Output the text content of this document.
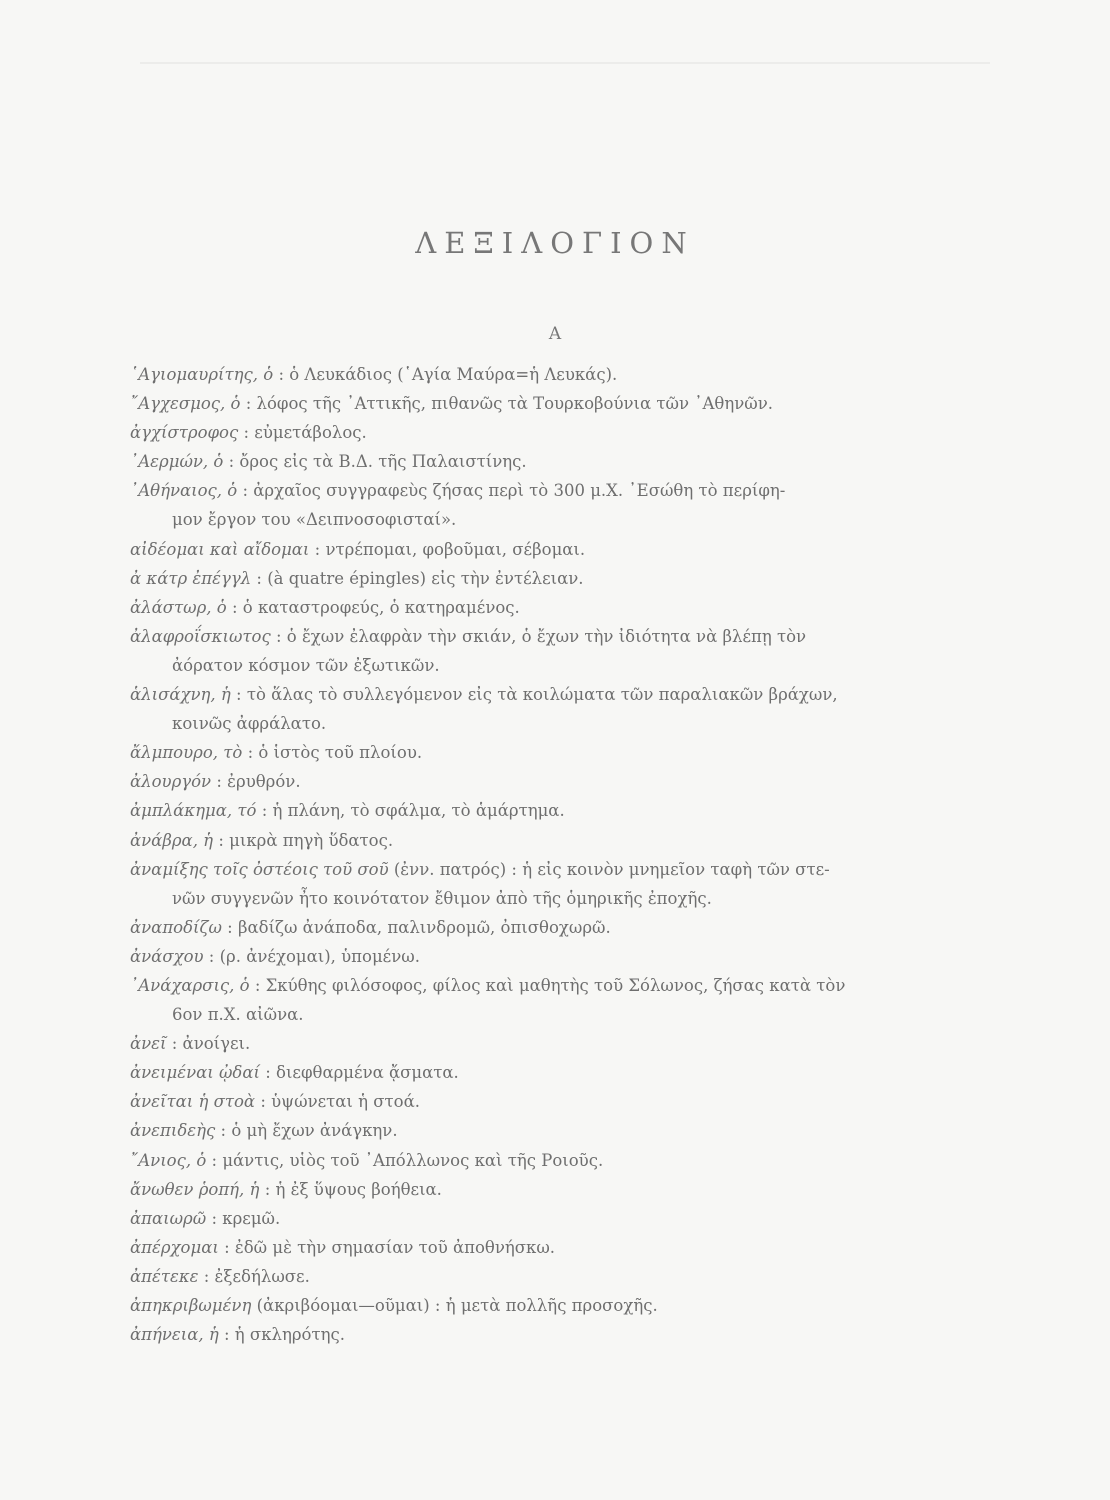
ΛΕΞΙΛΟΓΙΟΝ
Α
῾Αγιομαυρίτης, ὁ : ὁ Λευκάδιος (῾Αγία Μαύρα=ἡ Λευκάς).
῎Αγχεσμος, ὁ : λόφος τῆς ᾿Αττικῆς, πιθανῶς τὰ Τουρκοβούνια τῶν ᾿Αθηνῶν.
ἀγχίστροφος : εὐμετάβολος.
᾿Αερμών, ὁ : ὄρος εἰς τὰ Β.Δ. τῆς Παλαιστίνης.
᾿Αθήναιος, ὁ : ἀρχαῖος συγγραφεὺς ζήσας περὶ τὸ 300 μ.Χ. ᾿Εσώθη τὸ περίφη-
μον ἔργον του «Δειπνοσοφισταί».
αἰδέομαι καὶ αἴδομαι : ντρέπομαι, φοβοῦμαι, σέβομαι.
ἀ κάτρ ἐπέγγλ : (à quatre épingles) εἰς τὴν ἐντέλειαν.
ἀλάστωρ, ὁ : ὁ καταστροφεύς, ὁ κατηραμένος.
ἀλαφροΐσκιωτος : ὁ ἔχων ἐλαφρὰν τὴν σκιάν, ὁ ἔχων τὴν ἰδιότητα νὰ βλέπῃ τὸν
ἀόρατον κόσμον τῶν ἐξωτικῶν.
ἁλισάχνη, ἡ : τὸ ἅλας τὸ συλλεγόμενον εἰς τὰ κοιλώματα τῶν παραλιακῶν βράχων,
κοινῶς ἀφράλατο.
ἄλμπουρο, τὸ : ὁ ἱστὸς τοῦ πλοίου.
ἀλουργόν : ἐρυθρόν.
ἀμπλάκημα, τό : ἡ πλάνη, τὸ σφάλμα, τὸ ἁμάρτημα.
ἀνάβρα, ἡ : μικρὰ πηγὴ ὕδατος.
ἀναμίξης τοῖς ὀστέοις τοῦ σοῦ (ἐνν. πατρός) : ἡ εἰς κοινὸν μνημεῖον ταφὴ τῶν στε-
νῶν συγγενῶν ἦτο κοινότατον ἔθιμον ἀπὸ τῆς ὁμηρικῆς ἐποχῆς.
ἀναποδίζω : βαδίζω ἀνάποδα, παλινδρομῶ, ὀπισθοχωρῶ.
ἀνάσχου : (ρ. ἀνέχομαι), ὑπομένω.
᾿Ανάχαρσις, ὁ : Σκύθης φιλόσοφος, φίλος καὶ μαθητὴς τοῦ Σόλωνος, ζήσας κατὰ τὸν
6ον π.Χ. αἰῶνα.
ἀνεῖ : ἀνοίγει.
ἀνειμέναι ᾠδαί : διεφθαρμένα ᾄσματα.
ἀνεῖται ἡ στοὰ : ὑψώνεται ἡ στοά.
ἀνεπιδεὴς : ὁ μὴ ἔχων ἀνάγκην.
῎Ανιος, ὁ : μάντις, υἱὸς τοῦ ᾿Απόλλωνος καὶ τῆς Ροιοῦς.
ἄνωθεν ῥοπή, ἡ : ἡ ἐξ ὕψους βοήθεια.
ἀπαιωρῶ : κρεμῶ.
ἀπέρχομαι : ἐδῶ μὲ τὴν σημασίαν τοῦ ἀποθνήσκω.
ἀπέτεκε : ἐξεδήλωσε.
ἀπηκριβωμένη (ἀκριβόομαι—οῦμαι) : ἡ μετὰ πολλῆς προσοχῆς.
ἀπήνεια, ἡ : ἡ σκληρότης.
